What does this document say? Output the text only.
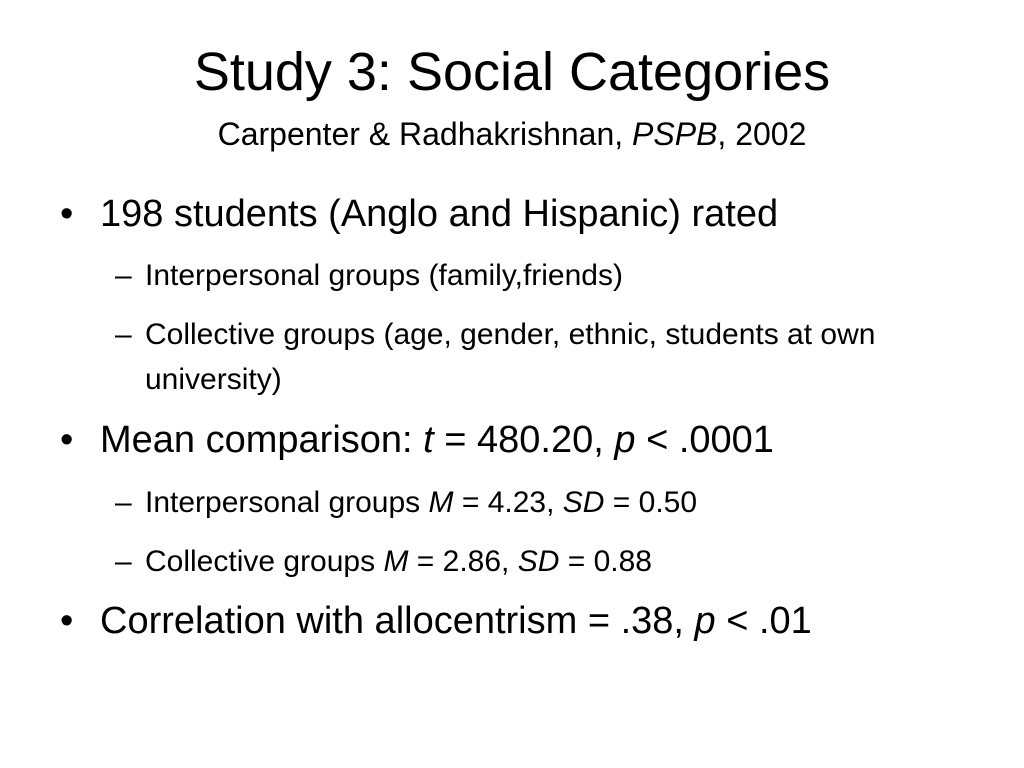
Study 3: Social Categories
Carpenter & Radhakrishnan, PSPB, 2002
• 198 students (Anglo and Hispanic) rated
– Interpersonal groups (family,friends)
– Collective groups (age, gender, ethnic, students at own university)
• Mean comparison: t = 480.20, p < .0001
– Interpersonal groups M = 4.23, SD = 0.50
– Collective groups M = 2.86, SD = 0.88
• Correlation with allocentrism = .38, p < .01
